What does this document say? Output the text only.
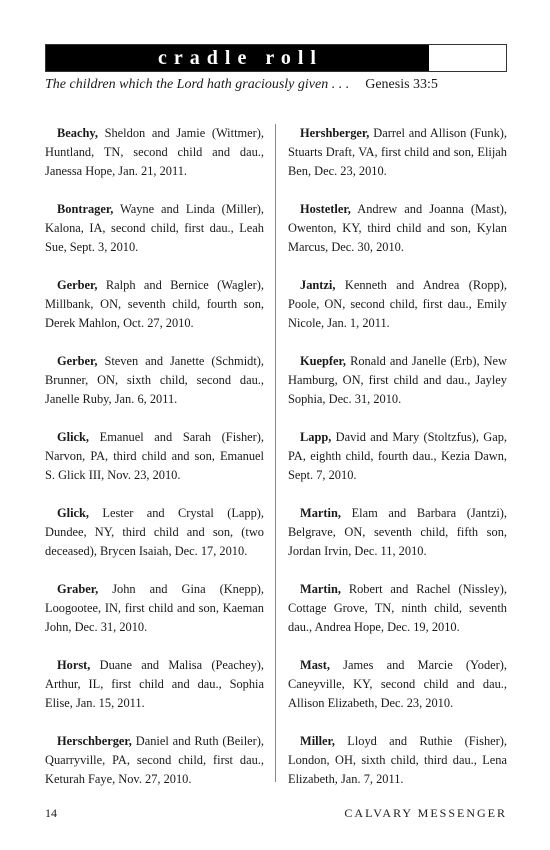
cradle roll
The children which the Lord hath graciously given . . . Genesis 33:5

Beachy, Sheldon and Jamie (Wittmer), Huntland, TN, second child and dau., Janessa Hope, Jan. 21, 2011.

Bontrager, Wayne and Linda (Miller), Kalona, IA, second child, first dau., Leah Sue, Sept. 3, 2010.

Gerber, Ralph and Bernice (Wagler), Millbank, ON, seventh child, fourth son, Derek Mahlon, Oct. 27, 2010.

Gerber, Steven and Janette (Schmidt), Brunner, ON, sixth child, second dau., Janelle Ruby, Jan. 6, 2011.

Glick, Emanuel and Sarah (Fisher), Narvon, PA, third child and son, Emanuel S. Glick III, Nov. 23, 2010.

Glick, Lester and Crystal (Lapp), Dundee, NY, third child and son, (two deceased), Brycen Isaiah, Dec. 17, 2010.

Graber, John and Gina (Knepp), Loogootee, IN, first child and son, Kaeman John, Dec. 31, 2010.

Horst, Duane and Malisa (Peachey), Arthur, IL, first child and dau., Sophia Elise, Jan. 15, 2011.

Herschberger, Daniel and Ruth (Beiler), Quarryville, PA, second child, first dau., Keturah Faye, Nov. 27, 2010.

Hershberger, Darrel and Allison (Funk), Stuarts Draft, VA, first child and son, Elijah Ben, Dec. 23, 2010.

Hostetler, Andrew and Joanna (Mast), Owenton, KY, third child and son, Kylan Marcus, Dec. 30, 2010.

Jantzi, Kenneth and Andrea (Ropp), Poole, ON, second child, first dau., Emily Nicole, Jan. 1, 2011.

Kuepfer, Ronald and Janelle (Erb), New Hamburg, ON, first child and dau., Jayley Sophia, Dec. 31, 2010.

Lapp, David and Mary (Stoltzfus), Gap, PA, eighth child, fourth dau., Kezia Dawn, Sept. 7, 2010.

Martin, Elam and Barbara (Jantzi), Belgrave, ON, seventh child, fifth son, Jordan Irvin, Dec. 11, 2010.

Martin, Robert and Rachel (Nissley), Cottage Grove, TN, ninth child, seventh dau., Andrea Hope, Dec. 19, 2010.

Mast, James and Marcie (Yoder), Caneyville, KY, second child and dau., Allison Elizabeth, Dec. 23, 2010.

Miller, Lloyd and Ruthie (Fisher), London, OH, sixth child, third dau., Lena Elizabeth, Jan. 7, 2011.

14	CALVARY MESSENGER
